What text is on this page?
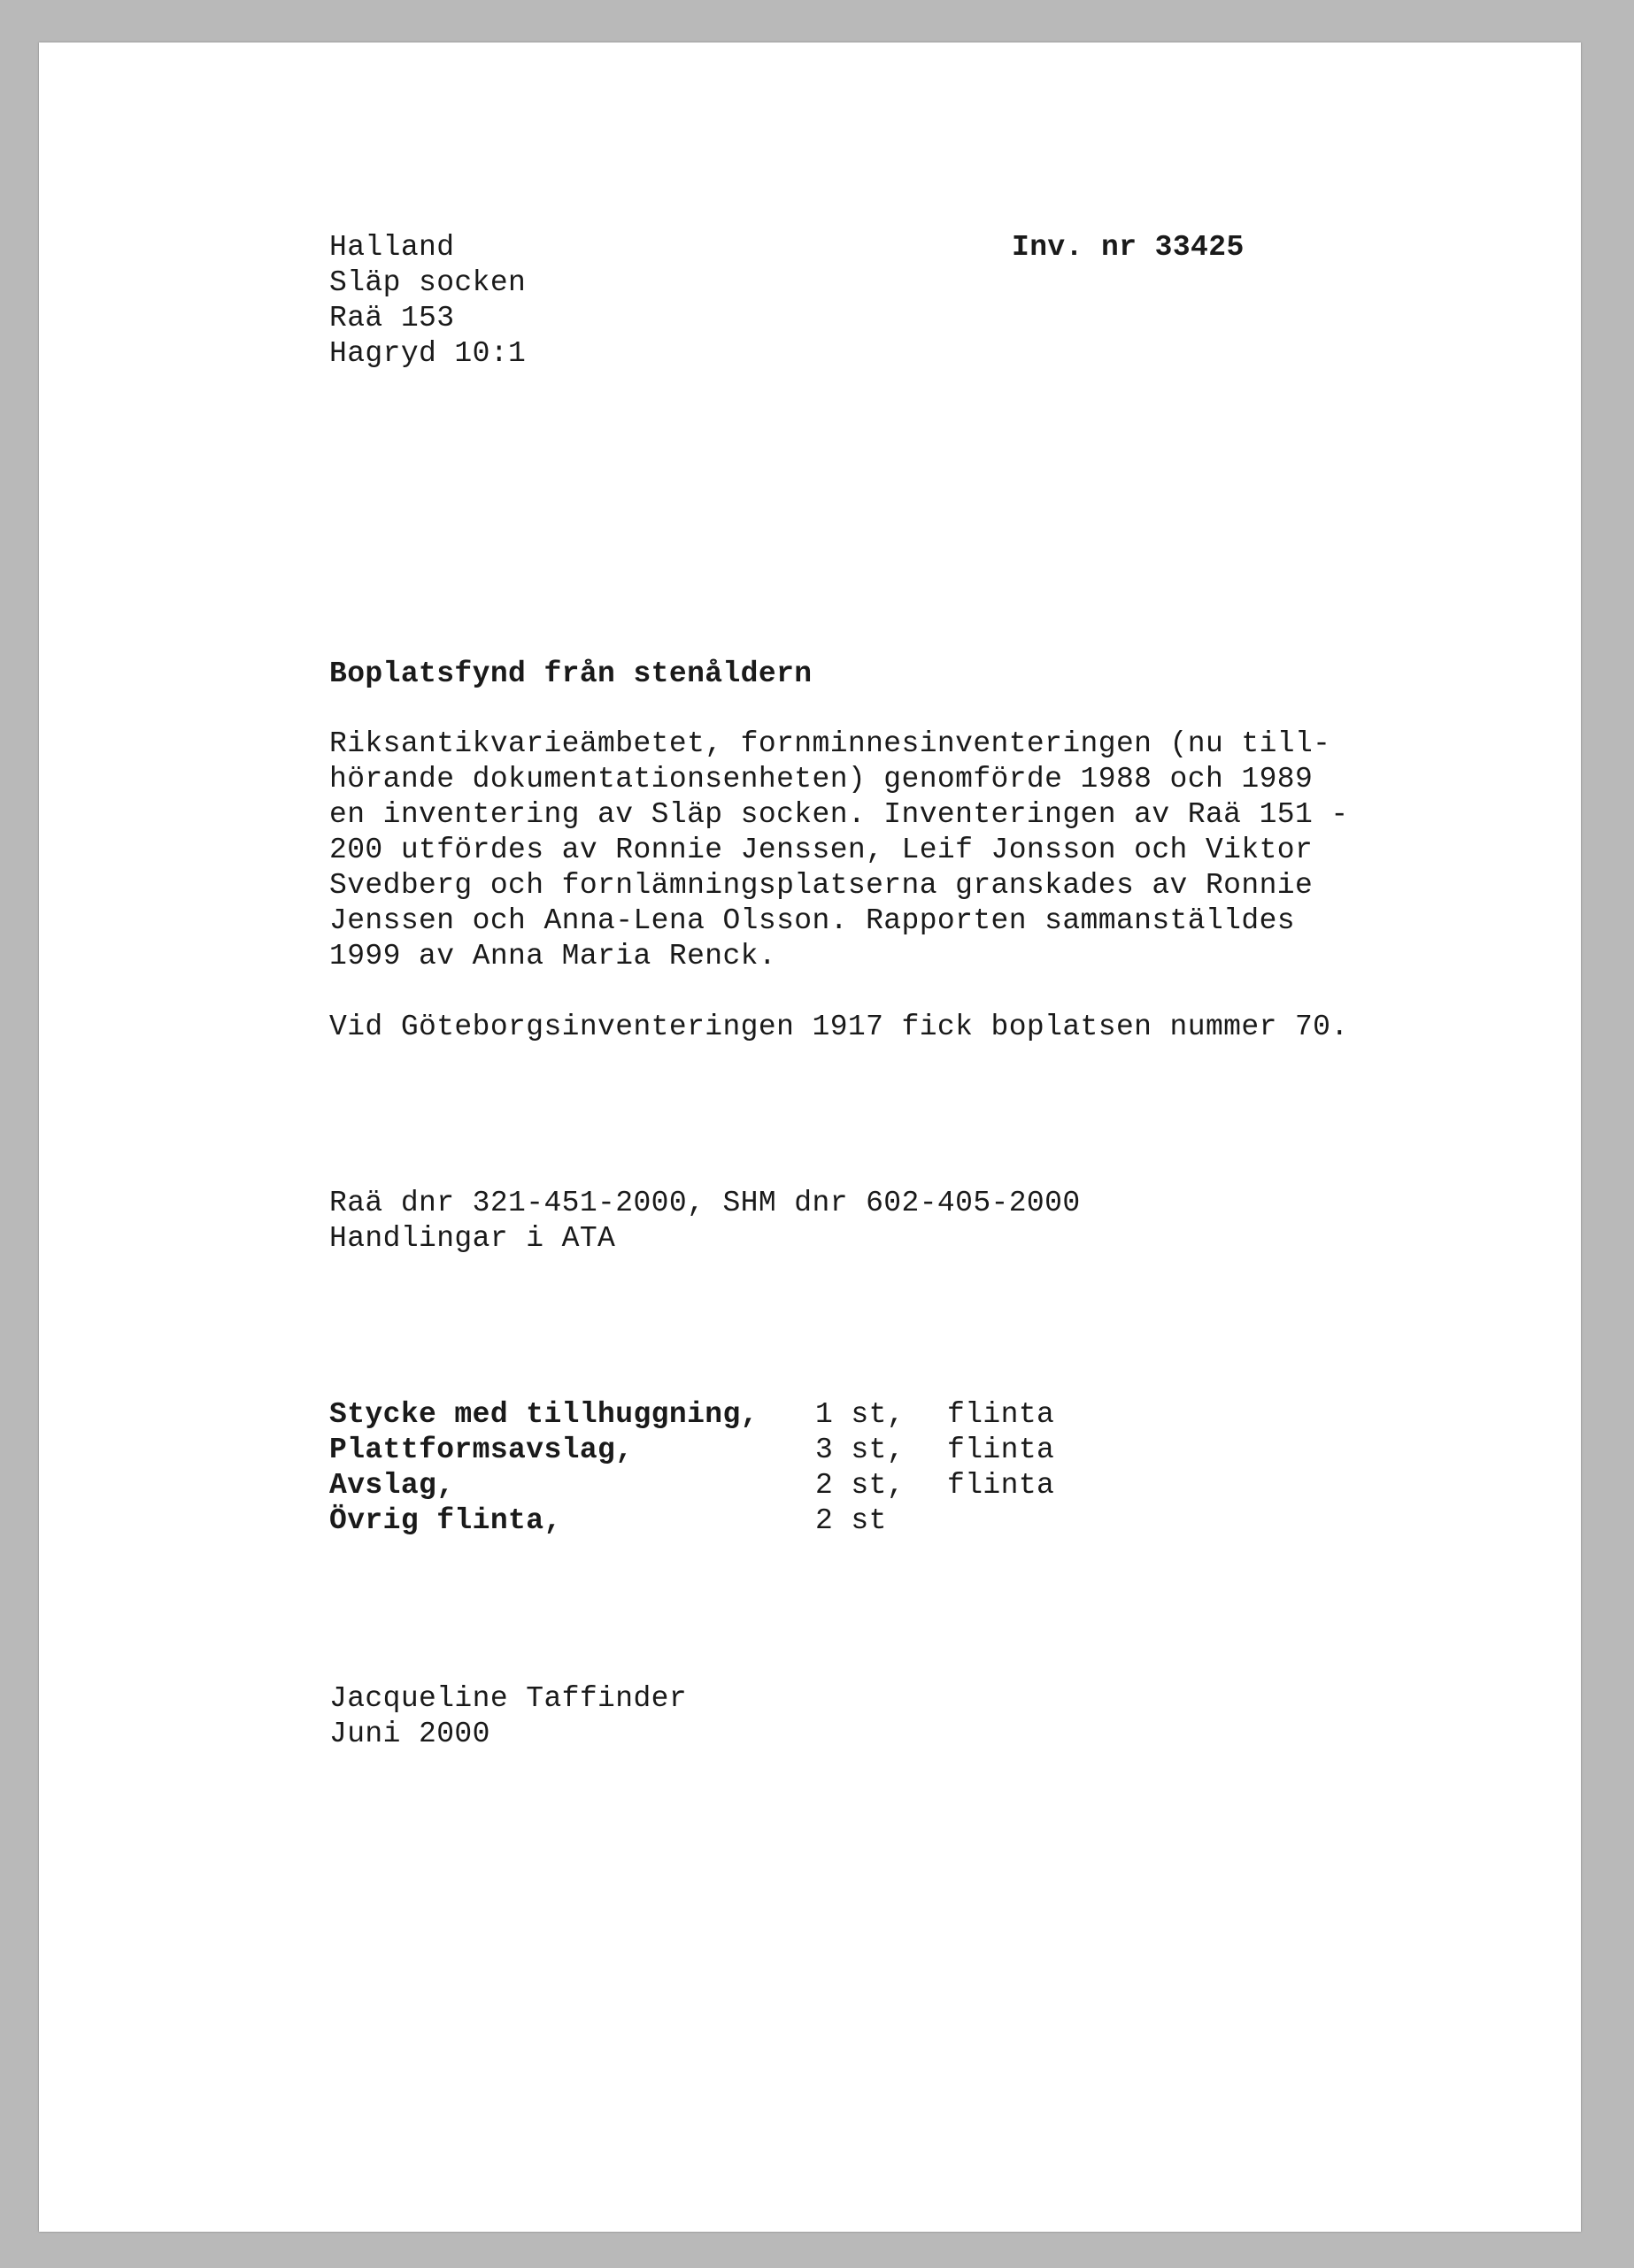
Halland
Släp socken
Raä 153
Hagryd 10:1
Inv. nr 33425
Boplatsfynd från stenåldern
Riksantikvarieämbetet, fornminnesinventeringen (nu till-
hörande dokumentationsenheten) genomförde 1988 och 1989
en inventering av Släp socken. Inventeringen av Raä 151 -
200 utfördes av Ronnie Jenssen, Leif Jonsson och Viktor
Svedberg och fornlämningsplatserna granskades av Ronnie
Jenssen och Anna-Lena Olsson. Rapporten sammanställdes
1999 av Anna Maria Renck.
Vid Göteborgsinventeringen 1917 fick boplatsen nummer 70.
Raä dnr 321-451-2000, SHM dnr 602-405-2000
Handlingar i ATA
Stycke med tillhuggning, 1 st, flinta
Plattformsavslag,	3 st, flinta
Avslag,	2 st, flinta
Övrig flinta,	2 st
Jacqueline Taffinder
Juni 2000
